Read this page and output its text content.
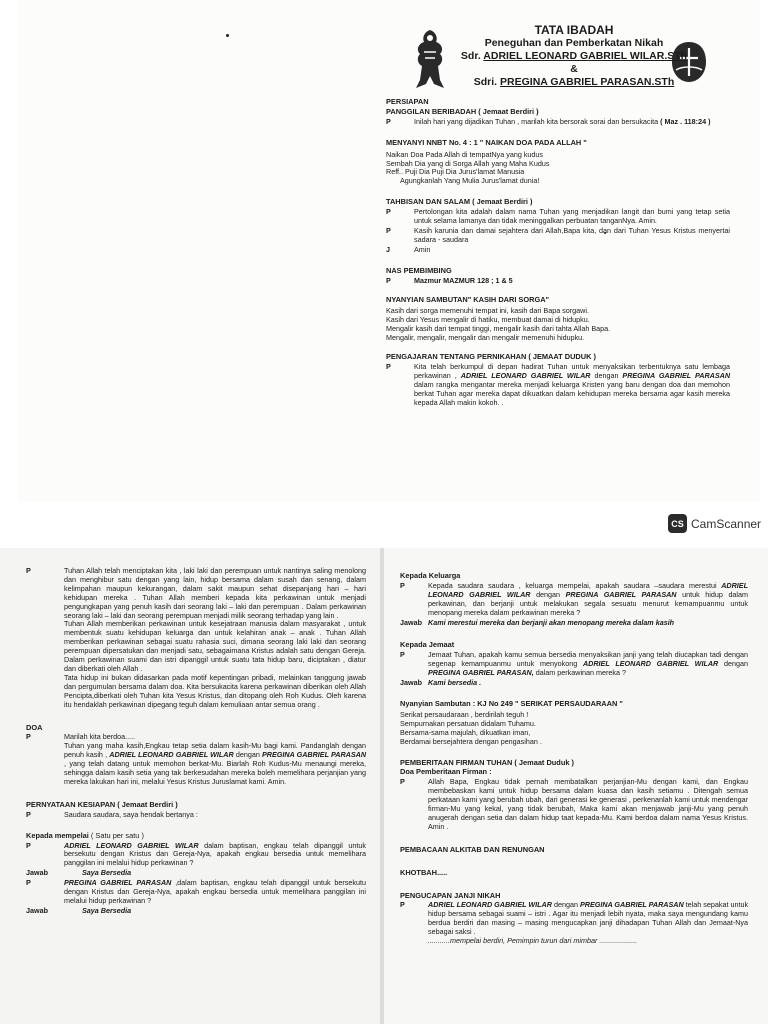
TATA IBADAH
Peneguhan dan Pemberkatan Nikah
Sdr. ADRIEL LEONARD GABRIEL WILAR.STh
&
Sdri. PREGINA GABRIEL PARASAN.STh
PERSIAPAN
PANGGILAN BERIBADAH ( Jemaat Berdiri )
P	Inilah hari yang dijadikan Tuhan , marilah kita bersorak sorai dan bersukacita ( Maz . 118:24 )
MENYANYI NNBT No. 4 : 1 " NAIKAN DOA PADA ALLAH "
Naikan Doa Pada Allah di tempatNya yang kudus
Sembah Dia yang di Sorga Allah yang Maha Kudus
Reff.. Puji Dia Puji Dia Jurus'lamat Manusia
Agungkanlah Yang Mulia Jurus'lamat dunia!
TAHBISAN DAN SALAM ( Jemaat Berdiri )
P	Pertolongan kita adalah dalam nama Tuhan yang menjadikan langit dan bumi yang tetap setia untuk selama lamanya dan tidak meninggalkan perbuatan tanganNya. Amin.
P	Kasih karunia dan damai sejahtera dari Allah,Bapa kita, dan dari Tuhan Yesus Kristus menyertai sadara - saudara
J	Amin
NAS PEMBIMBING
P	Mazmur MAZMUR 128 ; 1 & 5
NYANYIAN SAMBUTAN" KASIH DARI SORGA"
Kasih dari sorga memenuhi tempat ini, kasih dari Bapa sorgawi.
Kasih dari Yesus mengalir di hatiku, membuat damai di hidupku.
Mengalir kasih dari tempat tinggi, mengalir kasih dari tahta Allah Bapa.
Mengalir, mengalir, mengalir dan mengalir memenuhi hidupku.
PENGAJARAN TENTANG PERNIKAHAN ( JEMAAT DUDUK )
P	Kita telah berkumpul di depan hadirat Tuhan untuk menyaksikan terbentuknya satu lembaga perkawinan , ADRIEL LEONARD GABRIEL WILAR dengan PREGINA GABRIEL PARASAN dalam rangka mengantar mereka menjadi keluarga Kristen yang baru dengan doa dan memohon berkat Tuhan agar mereka dapat dikuatkan dalam kehidupan mereka bersama agar kasih mereka kepada Allah makin kokoh. .
CS CamScanner
P	Tuhan Allah telah menciptakan kita , laki laki dan perempuan untuk nantinya saling menolong dan menghibur satu dengan yang lain, hidup bersama dalam susah dan senang, dalam kelimpahan maupun kekurangan, dalam sakit maupun sehat disepanjang hari – hari kehidupan mereka . Tuhan Allah memberi kepada kita perkawinan untuk menjadi pengungkapan yang penuh kasih dari seorang laki – laki dan perempuan . Dalam perkawinan seorang laki – laki dan seorang perempuan menjadi milik seorang terhadap yang lain .
Tuhan Allah memberikan perkawinan untuk kesejatraan manusia dalam masyarakat , untuk membentuk suatu kehidupan keluarga dan untuk kelahiran anak – anak . Tuhan Allah memberikan perkawinan sebagai suatu rahasia suci, dimana seorang laki laki dan seorang perempuan dipersatukan dan menjadi satu, sebagaimana Kristus adalah satu dengan Gereja. Dalam perkawinan suami dan istri dipanggil untuk suatu tata hidup baru, diciptakan , diatur dan diberkati oleh Allah .
Tata hidup ini bukan didasarkan pada motif kepentingan pribadi, melainkan tanggung jawab dan pergumulan bersama dalam doa. Kita bersukacita karena perkawinan diberikan oleh Allah Pencipta,diberkati oleh Tuhan kita Yesus Kristus, dan ditopang oleh Roh Kudus. Oleh karena itu hendaklah perkawinan dipegang teguh dalam kemuliaan antar semua orang .
DOA
P	Marilah kita berdoa.....
Tuhan yang maha kasih,Engkau tetap setia dalam kasih-Mu bagi kami. Pandanglah dengan penuh kasih , ADRIEL LEONARD GABRIEL WILAR dengan PREGINA GABRIEL PARASAN , yang telah datang untuk memohon berkat-Mu. Biarlah Roh Kudus-Mu menaungi mereka, sehingga dalam kasih setia yang tak berkesudahan mereka boleh memelihara perjanjian yang mereka lakukan hari ini, melalui Yesus Kristus Juruslamat kami. Amin.
PERNYATAAN KESIAPAN ( Jemaat Berdiri )
P	Saudara saudara, saya hendak bertanya :
Kepada mempelai ( Satu per satu )
P	ADRIEL LEONARD GABRIEL WILAR dalam baptisan, engkau telah dipanggil untuk bersekutu dengan Kristus dan Gereja-Nya, apakah engkau bersedia untuk memelihara panggilan ini melalui hidup perkawinan ?
Jawab	Saya Bersedia
P	PREGINA GABRIEL PARASAN ,dalam baptisan, engkau telah dipanggil untuk bersekutu dengan Kristus dan Gereja-Nya, apakah engkau bersedia untuk memelihara panggilan ini melalui hidup perkawinan ?
Jawab	Saya Bersedia
Kepada Keluarga
P	Kepada saudara saudara , keluarga mempelai, apakah saudara –saudara merestui ADRIEL LEONARD GABRIEL WILAR dengan PREGINA GABRIEL PARASAN untuk hidup dalam perkawinan, dan berjanji untuk melakukan segala sesuatu menurut kemampuanmu untuk menopang mereka dalam perkawinan mereka ?
Jawab Kami merestui mereka dan berjanji akan menopang mereka dalam kasih
Kepada Jemaat
P	Jemaat Tuhan, apakah kamu semua bersedia menyaksikan janji yang telah diucapkan tadi dengan segenap kemampuanmu untuk menyokong ADRIEL LEONARD GABRIEL WILAR dengan PREGINA GABRIEL PARASAN, dalam perkawinan mereka ?
Jawab Kami bersedia .
Nyanyian Sambutan : KJ No 249 " SERIKAT PERSAUDARAAN "
Serikat persaudaraan , berdirilah teguh !
Sempurnakan persatuan didalam Tuhamu.
Bersama-sama majulah, dikuatkan iman,
Berdamai bersejahtera dengan pengasihan .
PEMBERITAAN FIRMAN TUHAN ( Jemaat Duduk )
Doa Pemberitaan Firman :
P	Allah Bapa, Engkau tidak pernah membatalkan perjanjian-Mu dengan kami, dan Engkau membebaskan kami untuk hidup bersama dalam kuasa dan kasih setiamu . Ditengah semua perkataan kami yang berubah ubah, dari generasi ke generasi , perkenanlah kami untuk mendengar firman-Mu yang kekal, yang tidak berubah, Maka kami akan menjawab janji-Mu yang penuh anugerah dengan setia dan dalam hidup taat kepada-Mu. Kami berdoa dalam nama Yesus Kristus. Amin .
PEMBACAAN ALKITAB DAN RENUNGAN
KHOTBAH.....
PENGUCAPAN JANJI NIKAH
P	ADRIEL LEONARD GABRIEL WILAR dengan PREGINA GABRIEL PARASAN telah sepakat untuk hidup bersama sebagai suami – istri . Agar itu menjadi lebih nyata, maka saya mengundang kamu berdua berdiri dan masing – masing mengucapkan janji dihadapan Tuhan Allah dan Jemaat-Nya sebagai saksi .
...........mempelai berdiri, Pemimpin turun dari mimbar ...................
